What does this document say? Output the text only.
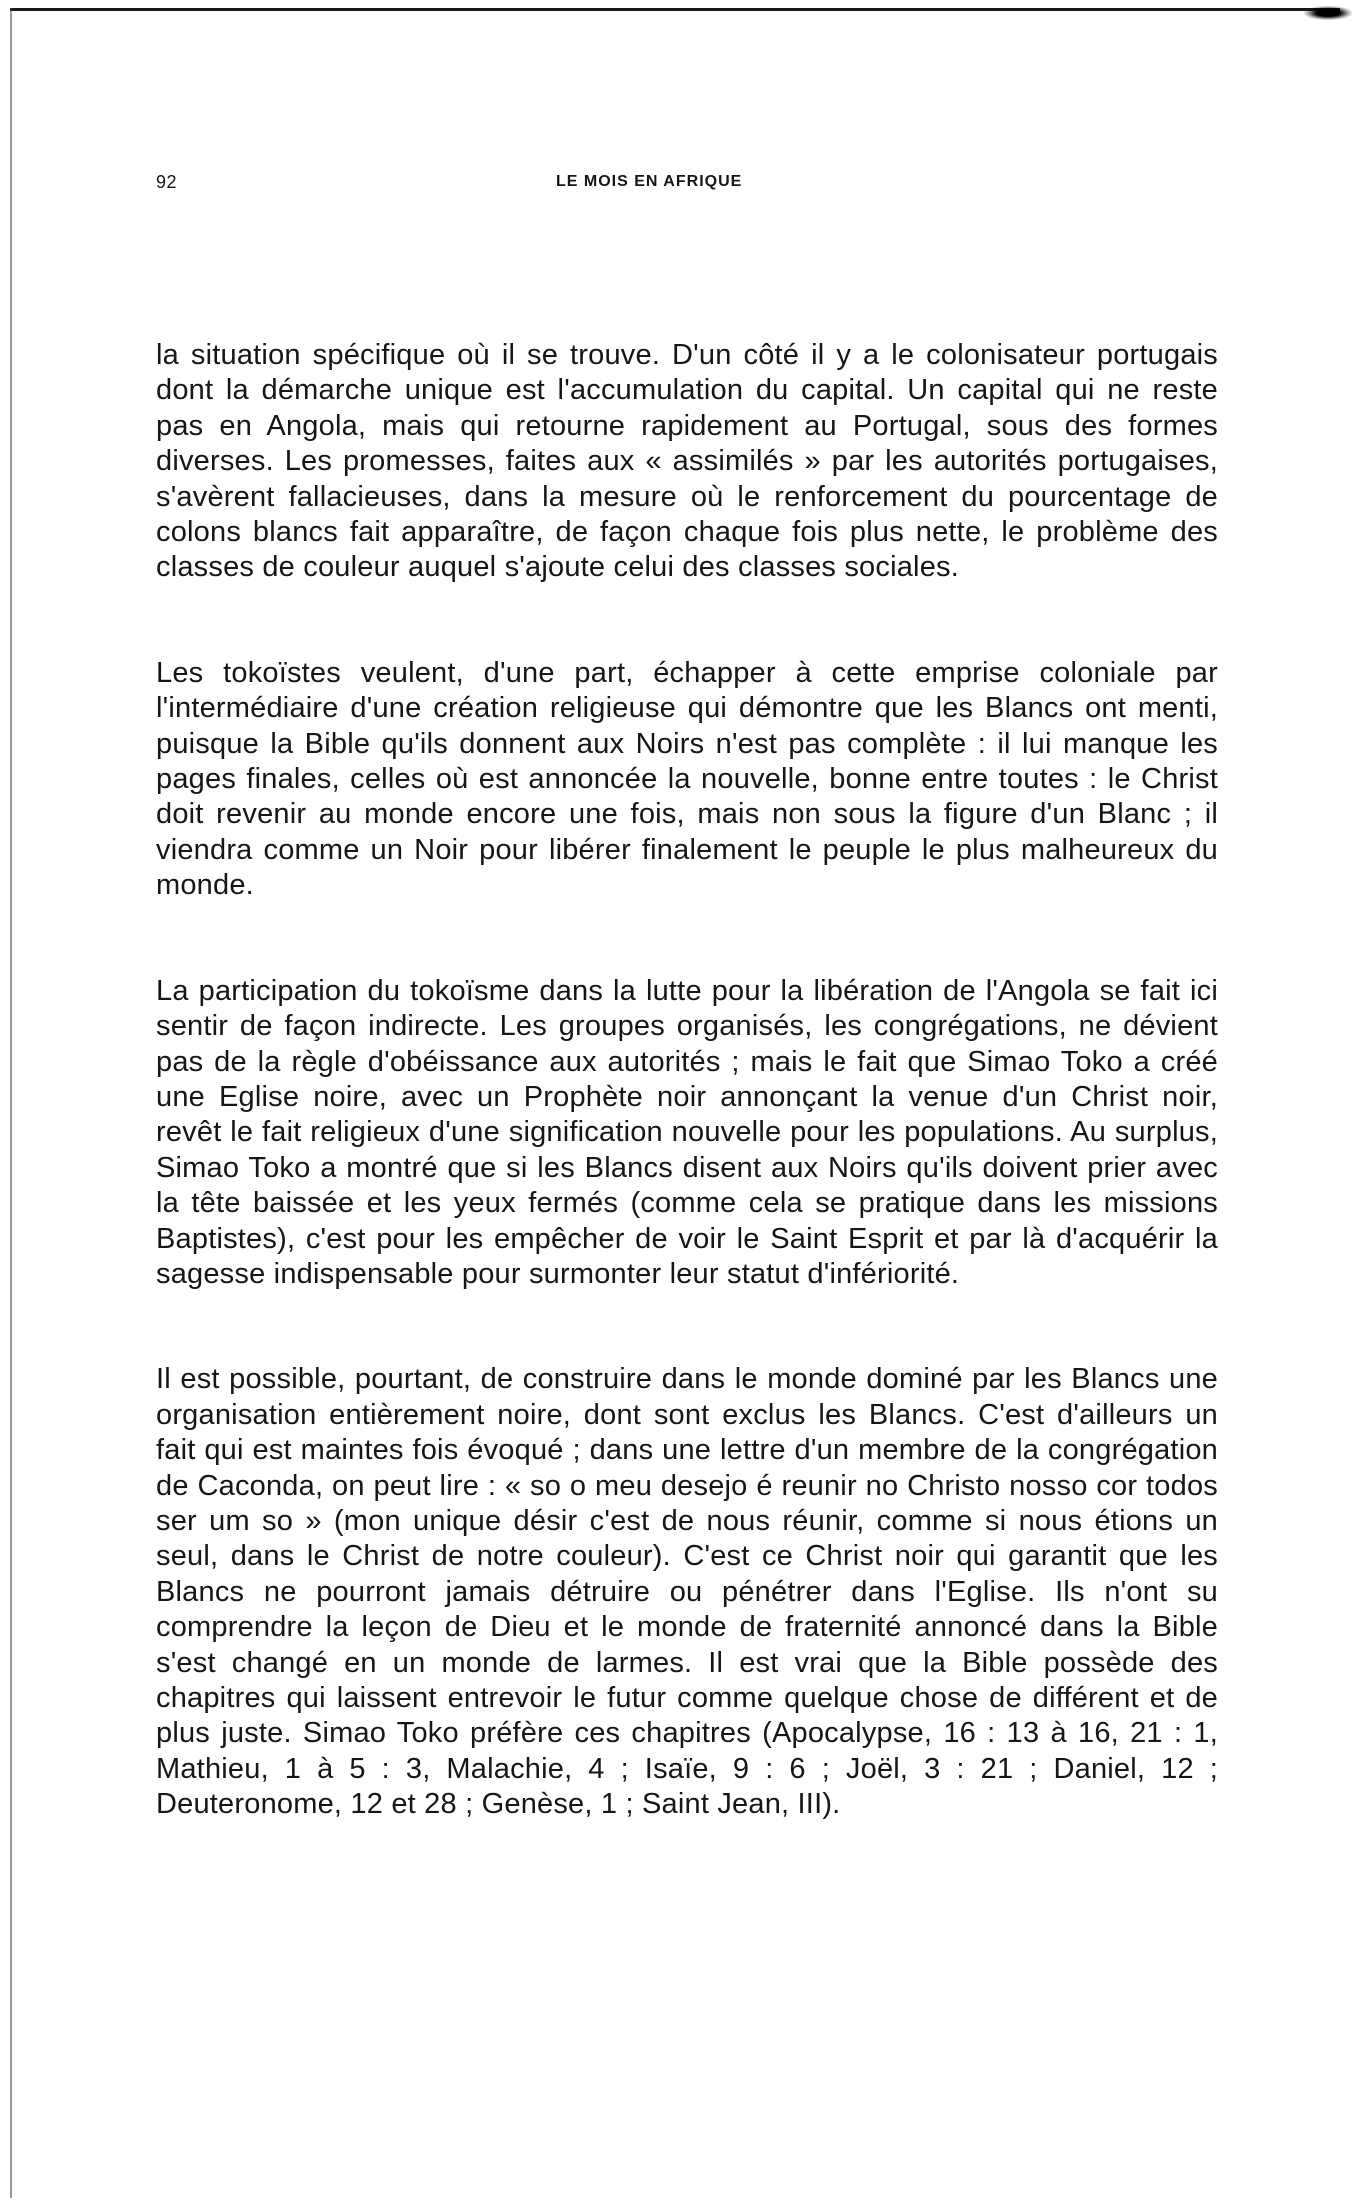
92	LE MOIS EN AFRIQUE

la situation spécifique où il se trouve. D'un côté il y a le colonisateur portugais dont la démarche unique est l'accumulation du capital. Un capital qui ne reste pas en Angola, mais qui retourne rapidement au Portugal, sous des formes diverses. Les promesses, faites aux « assimilés » par les autorités portugaises, s'avèrent fallacieuses, dans la mesure où le renforcement du pourcentage de colons blancs fait apparaître, de façon chaque fois plus nette, le problème des classes de couleur auquel s'ajoute celui des classes sociales.

Les tokoïstes veulent, d'une part, échapper à cette emprise coloniale par l'intermédiaire d'une création religieuse qui démontre que les Blancs ont menti, puisque la Bible qu'ils donnent aux Noirs n'est pas complète : il lui manque les pages finales, celles où est annoncée la nouvelle, bonne entre toutes : le Christ doit revenir au monde encore une fois, mais non sous la figure d'un Blanc ; il viendra comme un Noir pour libérer finalement le peuple le plus malheureux du monde.

La participation du tokoïsme dans la lutte pour la libération de l'Angola se fait ici sentir de façon indirecte. Les groupes organisés, les congrégations, ne dévient pas de la règle d'obéissance aux autorités ; mais le fait que Simao Toko a créé une Eglise noire, avec un Prophète noir annonçant la venue d'un Christ noir, revêt le fait religieux d'une signification nouvelle pour les populations. Au surplus, Simao Toko a montré que si les Blancs disent aux Noirs qu'ils doivent prier avec la tête baissée et les yeux fermés (comme cela se pratique dans les missions Baptistes), c'est pour les empêcher de voir le Saint Esprit et par là d'acquérir la sagesse indispensable pour surmonter leur statut d'infériorité.

Il est possible, pourtant, de construire dans le monde dominé par les Blancs une organisation entièrement noire, dont sont exclus les Blancs. C'est d'ailleurs un fait qui est maintes fois évoqué ; dans une lettre d'un membre de la congrégation de Caconda, on peut lire : « so o meu desejo é reunir no Christo nosso cor todos ser um so » (mon unique désir c'est de nous réunir, comme si nous étions un seul, dans le Christ de notre couleur). C'est ce Christ noir qui garantit que les Blancs ne pourront jamais détruire ou pénétrer dans l'Eglise. Ils n'ont su comprendre la leçon de Dieu et le monde de fraternité annoncé dans la Bible s'est changé en un monde de larmes. Il est vrai que la Bible possède des chapitres qui laissent entrevoir le futur comme quelque chose de différent et de plus juste. Simao Toko préfère ces chapitres (Apocalypse, 16 : 13 à 16, 21 : 1, Mathieu, 1 à 5 : 3, Malachie, 4 ; Isaïe, 9 : 6 ; Joël, 3 : 21 ; Daniel, 12 ; Deuteronome, 12 et 28 ; Genèse, 1 ; Saint Jean, III).
